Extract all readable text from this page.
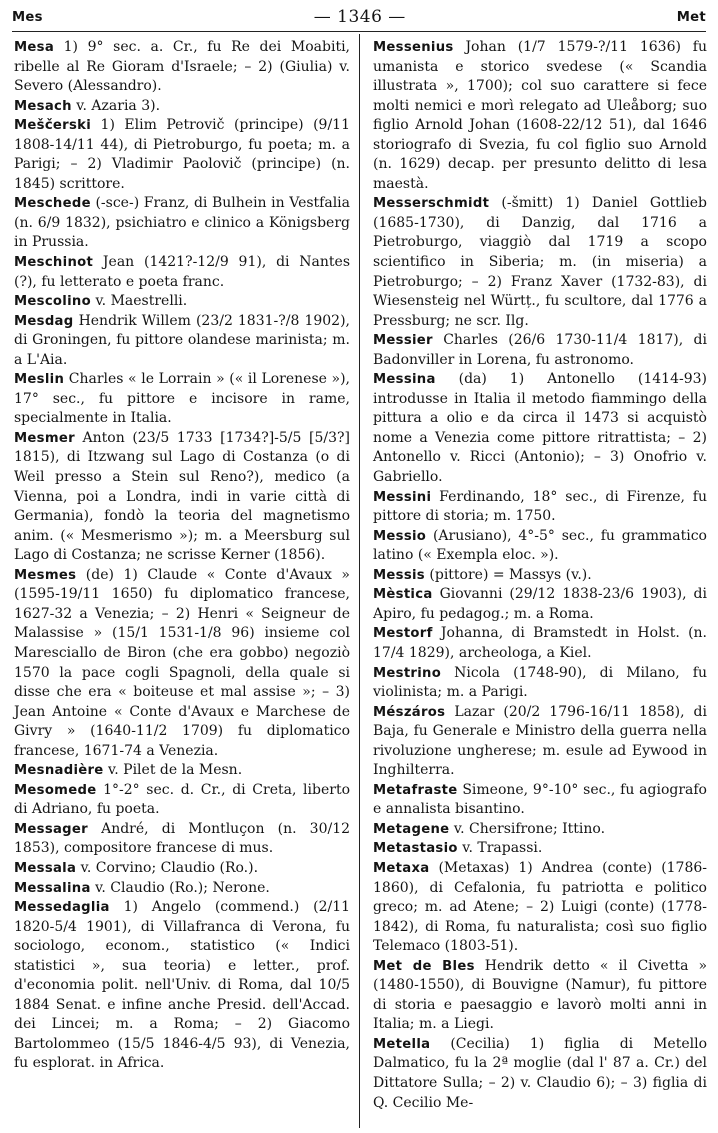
Mes	— 1346 —	Met

Mesa 1) 9° sec. a. Cr., fu Re dei Moabiti, ribelle al Re Gioram d'Israele; – 2) (Giulia) v. Severo (Alessandro).

Mesach v. Azaria 3).

Meščerski 1) Elim Petrovič (principe) (9/11 1808-14/11 44), di Pietroburgo, fu poeta; m. a Parigi; – 2) Vladimir Paolovič (principe) (n. 1845) scrittore.

Meschede (-sce-) Franz, di Bulhein in Vestfalia (n. 6/9 1832), psichiatro e clinico a Königsberg in Prussia.

Meschinot Jean (1421?-12/9 91), di Nantes (?), fu letterato e poeta franc.

Mescolino v. Maestrelli.

Mesdag Hendrik Willem (23/2 1831-?/8 1902), di Groningen, fu pittore olandese marinista; m. a L'Aia.

Meslin Charles « le Lorrain » (« il Lorenese »), 17° sec., fu pittore e incisore in rame, specialmente in Italia.

Mesmer Anton (23/5 1733 [1734?]-5/5 [5/3?] 1815), di Itzwang sul Lago di Costanza (o di Weil presso a Stein sul Reno?), medico (a Vienna, poi a Londra, indi in varie città di Germania), fondò la teoria del magnetismo anim. (« Mesmerismo »); m. a Meersburg sul Lago di Costanza; ne scrisse Kerner (1856).

Mesmes (de) 1) Claude « Conte d'Avaux » (1595-19/11 1650) fu diplomatico francese, 1627-32 a Venezia; – 2) Henri « Seigneur de Malassise » (15/1 1531-1/8 96) insieme col Maresciallo de Biron (che era gobbo) negoziò 1570 la pace cogli Spagnoli, della quale si disse che era « boiteuse et mal assise »; – 3) Jean Antoine « Conte d'Avaux e Marchese de Givry » (1640-11/2 1709) fu diplomatico francese, 1671-74 a Venezia.

Mesnadière v. Pilet de la Mesn.

Mesomede 1°-2° sec. d. Cr., di Creta, liberto di Adriano, fu poeta.

Messager André, di Montluçon (n. 30/12 1853), compositore francese di mus.

Messala v. Corvino; Claudio (Ro.).

Messalina v. Claudio (Ro.); Nerone.

Messedaglia 1) Angelo (commend.) (2/11 1820-5/4 1901), di Villafranca di Verona, fu sociologo, econom., statistico (« Indici statistici », sua teoria) e letter., prof. d'economia polit. nell'Univ. di Roma, dal 10/5 1884 Senat. e infine anche Presid. dell'Accad. dei Lincei; m. a Roma; – 2) Giacomo Bartolommeo (15/5 1846-4/5 93), di Venezia, fu esplorat. in Africa.

Messenius Johan (1/7 1579-?/11 1636) fu umanista e storico svedese (« Scandia illustrata », 1700); col suo carattere si fece molti nemici e morì relegato ad Uleåborg; suo figlio Arnold Johan (1608-22/12 51), dal 1646 storiografo di Svezia, fu col figlio suo Arnold (n. 1629) decap. per presunto delitto di lesa maestà.

Messerschmidt (-šmitt) 1) Daniel Gottlieb (1685-1730), di Danzig, dal 1716 a Pietroburgo, viaggiò dal 1719 a scopo scientifico in Siberia; m. (in miseria) a Pietroburgo; – 2) Franz Xaver (1732-83), di Wiesensteig nel Würtț., fu scultore, dal 1776 a Pressburg; ne scr. Ilg.

Messier Charles (26/6 1730-11/4 1817), di Badonviller in Lorena, fu astronomo.

Messina (da) 1) Antonello (1414-93) introdusse in Italia il metodo fiammingo della pittura a olio e da circa il 1473 si acquistò nome a Venezia come pittore ritrattista; – 2) Antonello v. Ricci (Antonio); – 3) Onofrio v. Gabriello.

Messini Ferdinando, 18° sec., di Firenze, fu pittore di storia; m. 1750.

Messio (Arusiano), 4°-5° sec., fu grammatico latino (« Exempla eloc. »).

Messis (pittore) = Massys (v.).

Mèstica Giovanni (29/12 1838-23/6 1903), di Apiro, fu pedagog.; m. a Roma.

Mestorf Johanna, di Bramstedt in Holst. (n. 17/4 1829), archeologa, a Kiel.

Mestrino Nicola (1748-90), di Milano, fu violinista; m. a Parigi.

Mészáros Lazar (20/2 1796-16/11 1858), di Baja, fu Generale e Ministro della guerra nella rivoluzione ungherese; m. esule ad Eywood in Inghilterra.

Metafraste Simeone, 9°-10° sec., fu agiografo e annalista bisantino.

Metagene v. Chersifrone; Ittino.

Metastasio v. Trapassi.

Metaxa (Metaxas) 1) Andrea (conte) (1786-1860), di Cefalonia, fu patriotta e politico greco; m. ad Atene; – 2) Luigi (conte) (1778-1842), di Roma, fu naturalista; così suo figlio Telemaco (1803-51).

Met de Bles Hendrik detto « il Civetta » (1480-1550), di Bouvigne (Namur), fu pittore di storia e paesaggio e lavorò molti anni in Italia; m. a Liegi.

Metella (Cecilia) 1) figlia di Metello Dalmatico, fu la 2ª moglie (dal l' 87 a. Cr.) del Dittatore Sulla; – 2) v. Claudio 6); – 3) figlia di Q. Cecilio Me-
